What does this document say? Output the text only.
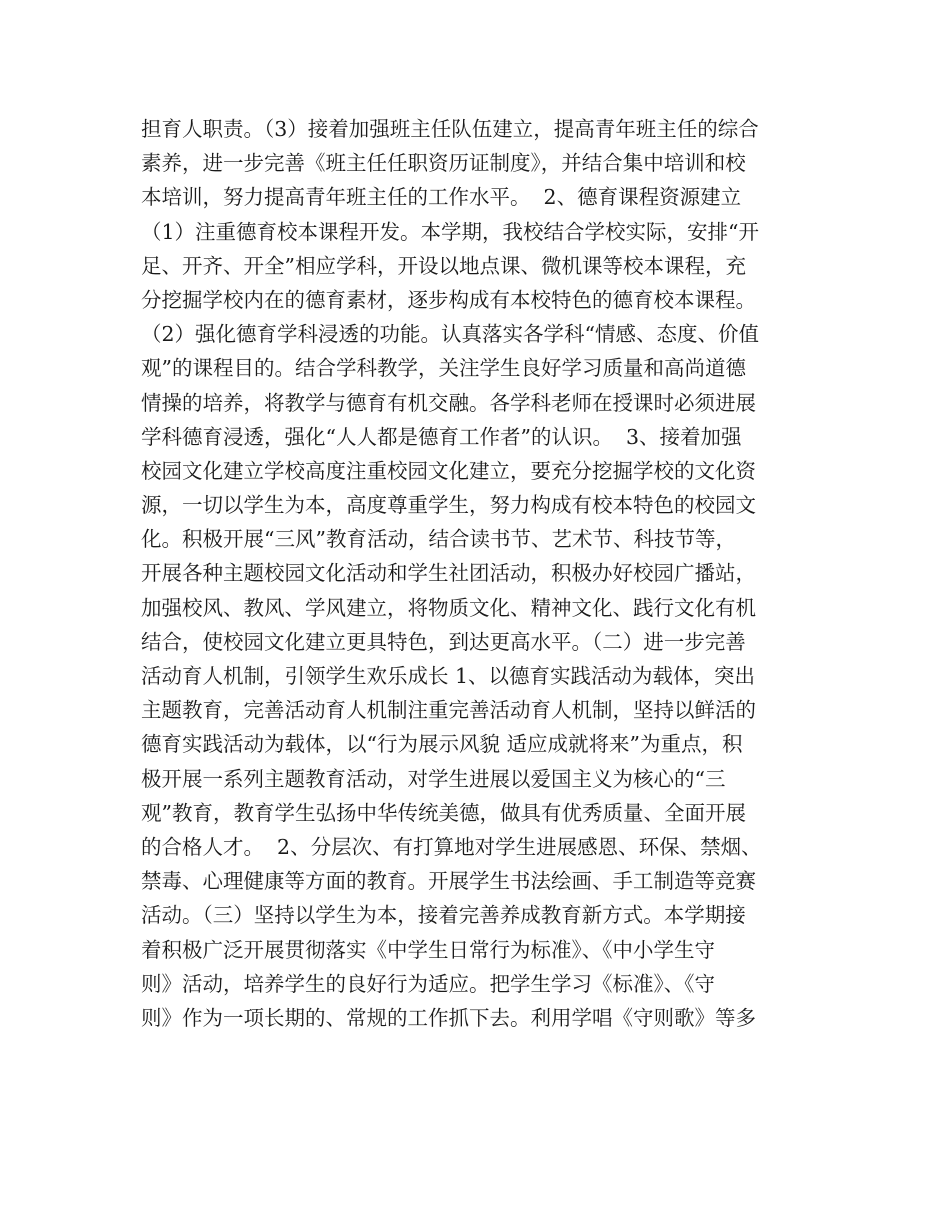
担育人职责。（3）接着加强班主任队伍建立，提高青年班主任的综合
素养，进一步完善《班主任任职资历证制度》，并结合集中培训和校
本培训，努力提高青年班主任的工作水平。  2、德育课程资源建立
（1）注重德育校本课程开发。本学期，我校结合学校实际，安排“开
足、开齐、开全”相应学科，开设以地点课、微机课等校本课程，充
分挖掘学校内在的德育素材，逐步构成有本校特色的德育校本课程。
（2）强化德育学科浸透的功能。认真落实各学科“情感、态度、价值
观”的课程目的。结合学科教学，关注学生良好学习质量和高尚道德
情操的培养，将教学与德育有机交融。各学科老师在授课时必须进展
学科德育浸透，强化“人人都是德育工作者”的认识。  3、接着加强
校园文化建立学校高度注重校园文化建立，要充分挖掘学校的文化资
源，一切以学生为本，高度尊重学生，努力构成有校本特色的校园文
化。积极开展“三风”教育活动，结合读书节、艺术节、科技节等，
开展各种主题校园文化活动和学生社团活动，积极办好校园广播站，
加强校风、教风、学风建立，将物质文化、精神文化、践行文化有机
结合，使校园文化建立更具特色，到达更高水平。（二）进一步完善
活动育人机制，引领学生欢乐成长 1、以德育实践活动为载体，突出
主题教育，完善活动育人机制注重完善活动育人机制，坚持以鲜活的
德育实践活动为载体，以“行为展示风貌 适应成就将来”为重点，积
极开展一系列主题教育活动，对学生进展以爱国主义为核心的“三
观”教育，教育学生弘扬中华传统美德，做具有优秀质量、全面开展
的合格人才。  2、分层次、有打算地对学生进展感恩、环保、禁烟、
禁毒、心理健康等方面的教育。开展学生书法绘画、手工制造等竞赛
活动。（三）坚持以学生为本，接着完善养成教育新方式。本学期接
着积极广泛开展贯彻落实《中学生日常行为标准》、《中小学生守
则》活动，培养学生的良好行为适应。把学生学习《标准》、《守
则》作为一项长期的、常规的工作抓下去。利用学唱《守则歌》等多
